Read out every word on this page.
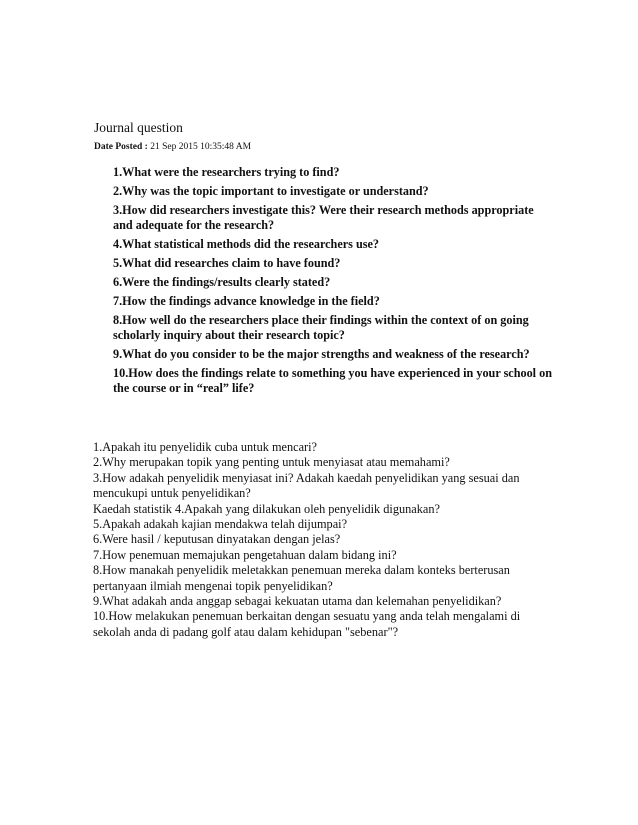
Journal question
Date Posted : 21 Sep 2015 10:35:48 AM
1.What were the researchers trying to find?
2.Why was the topic important to investigate or understand?
3.How did researchers investigate this? Were their research methods appropriate and adequate for the research?
4.What statistical methods did the researchers use?
5.What did researches claim to have found?
6.Were the findings/results clearly stated?
7.How the findings advance knowledge in the field?
8.How well do the researchers place their findings within the context of on going scholarly inquiry about their research topic?
9.What do you consider to be the major strengths and weakness of the research?
10.How does the findings relate to something you have experienced in your school on the course or in “real” life?
1.Apakah itu penyelidik cuba untuk mencari?
2.Why merupakan topik yang penting untuk menyiasat atau memahami?
3.How adakah penyelidik menyiasat ini? Adakah kaedah penyelidikan yang sesuai dan
mencukupi untuk penyelidikan?
Kaedah statistik 4.Apakah yang dilakukan oleh penyelidik digunakan?
5.Apakah adakah kajian mendakwa telah dijumpai?
6.Were hasil / keputusan dinyatakan dengan jelas?
7.How penemuan memajukan pengetahuan dalam bidang ini?
8.How manakah penyelidik meletakkan penemuan mereka dalam konteks berterusan
pertanyaan ilmiah mengenai topik penyelidikan?
9.What adakah anda anggap sebagai kekuatan utama dan kelemahan penyelidikan?
10.How melakukan penemuan berkaitan dengan sesuatu yang anda telah mengalami di
sekolah anda di padang golf atau dalam kehidupan "sebenar"?
